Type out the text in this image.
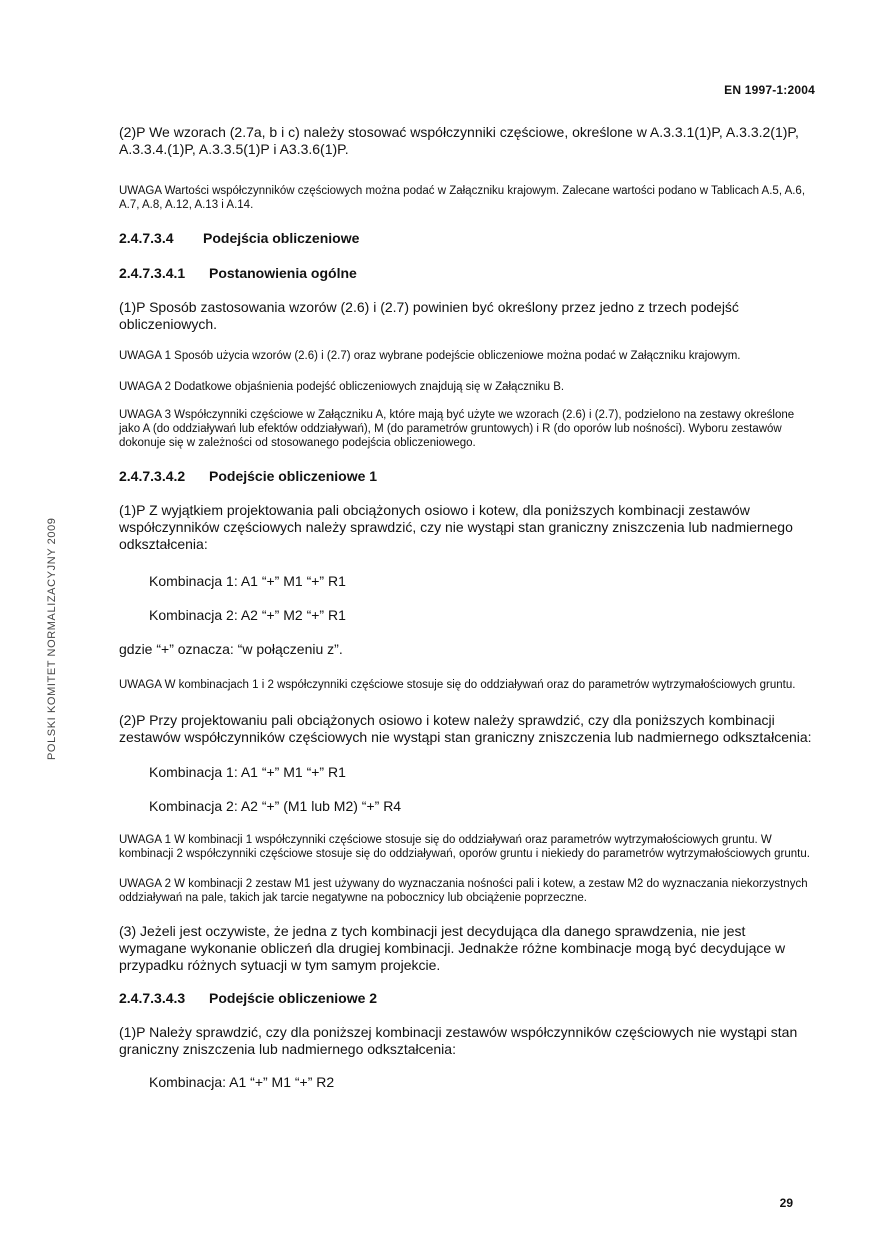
EN 1997-1:2004
POLSKI KOMITET NORMALIZACYJNY 2009

(2)P We wzorach (2.7a, b i c) należy stosować współczynniki częściowe, określone w A.3.3.1(1)P, A.3.3.2(1)P, A.3.3.4.(1)P, A.3.3.5(1)P i A3.3.6(1)P.

UWAGA Wartości współczynników częściowych można podać w Załączniku krajowym. Zalecane wartości podano w Tablicach A.5, A.6, A.7, A.8, A.12, A.13 i A.14.

2.4.7.3.4 Podejścia obliczeniowe

2.4.7.3.4.1 Postanowienia ogólne

(1)P Sposób zastosowania wzorów (2.6) i (2.7) powinien być określony przez jedno z trzech podejść obliczeniowych.

UWAGA 1 Sposób użycia wzorów (2.6) i (2.7) oraz wybrane podejście obliczeniowe można podać w Załączniku krajowym.

UWAGA 2 Dodatkowe objaśnienia podejść obliczeniowych znajdują się w Załączniku B.

UWAGA 3 Współczynniki częściowe w Załączniku A, które mają być użyte we wzorach (2.6) i (2.7), podzielono na zestawy określone jako A (do oddziaływań lub efektów oddziaływań), M (do parametrów gruntowych) i R (do oporów lub nośności). Wyboru zestawów dokonuje się w zależności od stosowanego podejścia obliczeniowego.

2.4.7.3.4.2 Podejście obliczeniowe 1

(1)P Z wyjątkiem projektowania pali obciążonych osiowo i kotew, dla poniższych kombinacji zestawów współczynników częściowych należy sprawdzić, czy nie wystąpi stan graniczny zniszczenia lub nadmiernego odkształcenia:

Kombinacja 1: A1 “+” M1 “+” R1

Kombinacja 2: A2 “+” M2 “+” R1

gdzie “+” oznacza: “w połączeniu z”.

UWAGA W kombinacjach 1 i 2 współczynniki częściowe stosuje się do oddziaływań oraz do parametrów wytrzymałościowych gruntu.

(2)P Przy projektowaniu pali obciążonych osiowo i kotew należy sprawdzić, czy dla poniższych kombinacji zestawów współczynników częściowych nie wystąpi stan graniczny zniszczenia lub nadmiernego odkształcenia:

Kombinacja 1: A1 “+” M1 “+” R1

Kombinacja 2: A2 “+” (M1 lub M2) “+” R4

UWAGA 1 W kombinacji 1 współczynniki częściowe stosuje się do oddziaływań oraz parametrów wytrzymałościowych gruntu. W kombinacji 2 współczynniki częściowe stosuje się do oddziaływań, oporów gruntu i niekiedy do parametrów wytrzymałościowych gruntu.

UWAGA 2 W kombinacji 2 zestaw M1 jest używany do wyznaczania nośności pali i kotew, a zestaw M2 do wyznaczania niekorzystnych oddziaływań na pale, takich jak tarcie negatywne na pobocznicy lub obciążenie poprzeczne.

(3) Jeżeli jest oczywiste, że jedna z tych kombinacji jest decydująca dla danego sprawdzenia, nie jest wymagane wykonanie obliczeń dla drugiej kombinacji. Jednakże różne kombinacje mogą być decydujące w przypadku różnych sytuacji w tym samym projekcie.

2.4.7.3.4.3 Podejście obliczeniowe 2

(1)P Należy sprawdzić, czy dla poniższej kombinacji zestawów współczynników częściowych nie wystąpi stan graniczny zniszczenia lub nadmiernego odkształcenia:

Kombinacja: A1 “+” M1 “+” R2

29
